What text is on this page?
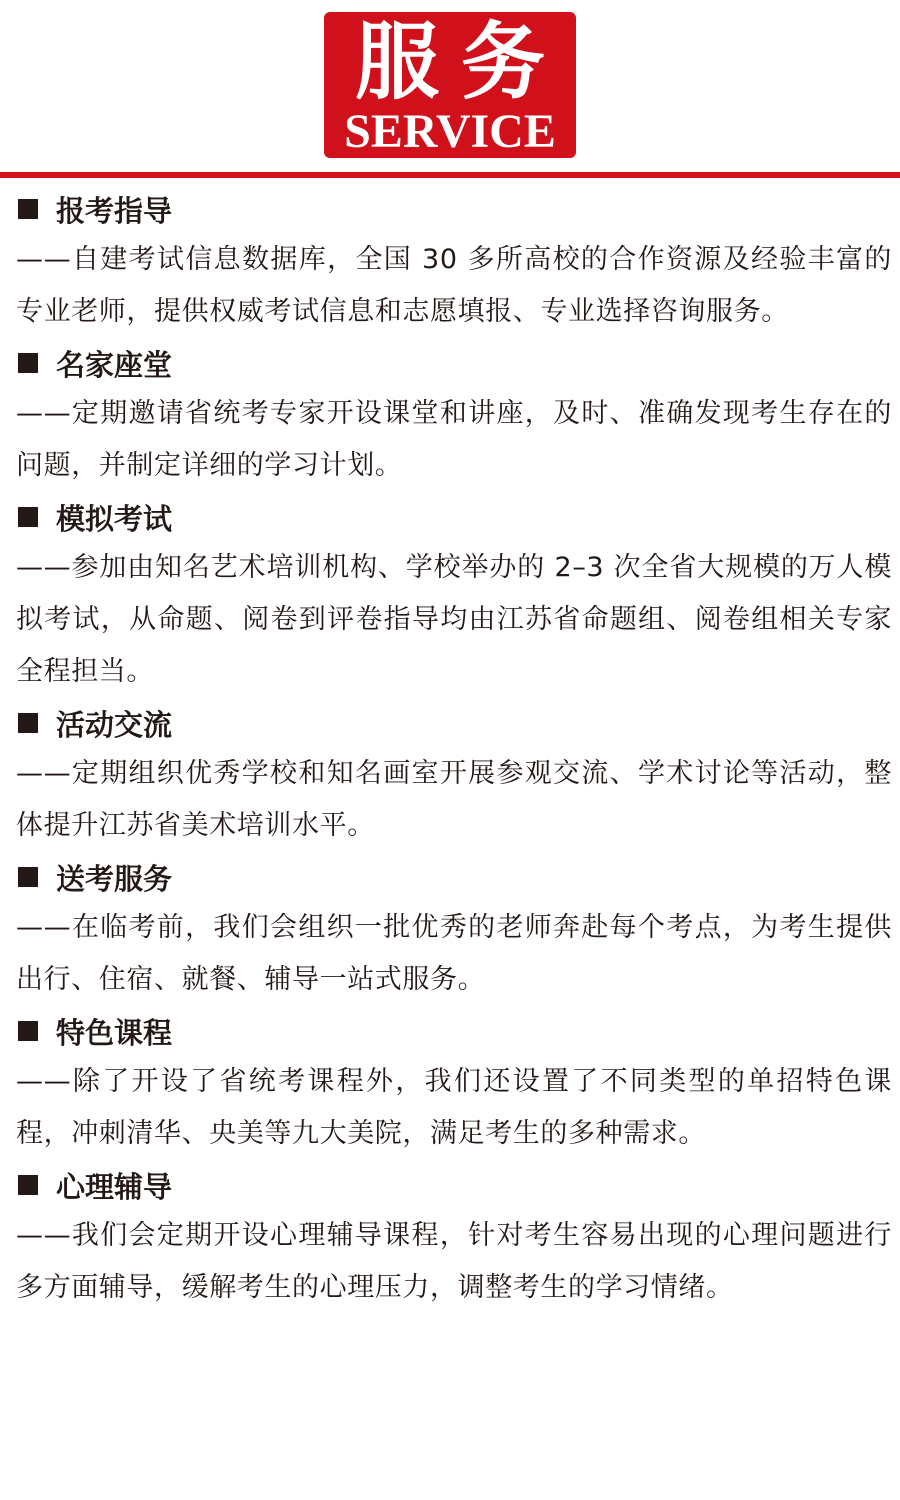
服务
SERVICE
报考指导

——自建考试信息数据库，全国 30 多所高校的合作资源及经验丰富的专业老师，提供权威考试信息和志愿填报、专业选择咨询服务。

名家座堂

——定期邀请省统考专家开设课堂和讲座，及时、准确发现考生存在的问题，并制定详细的学习计划。

模拟考试

——参加由知名艺术培训机构、学校举办的 2–3 次全省大规模的万人模拟考试，从命题、阅卷到评卷指导均由江苏省命题组、阅卷组相关专家全程担当。

活动交流

——定期组织优秀学校和知名画室开展参观交流、学术讨论等活动，整体提升江苏省美术培训水平。

送考服务

——在临考前，我们会组织一批优秀的老师奔赴每个考点，为考生提供出行、住宿、就餐、辅导一站式服务。

特色课程

——除了开设了省统考课程外，我们还设置了不同类型的单招特色课程，冲刺清华、央美等九大美院，满足考生的多种需求。

心理辅导

——我们会定期开设心理辅导课程，针对考生容易出现的心理问题进行多方面辅导，缓解考生的心理压力，调整考生的学习情绪。
